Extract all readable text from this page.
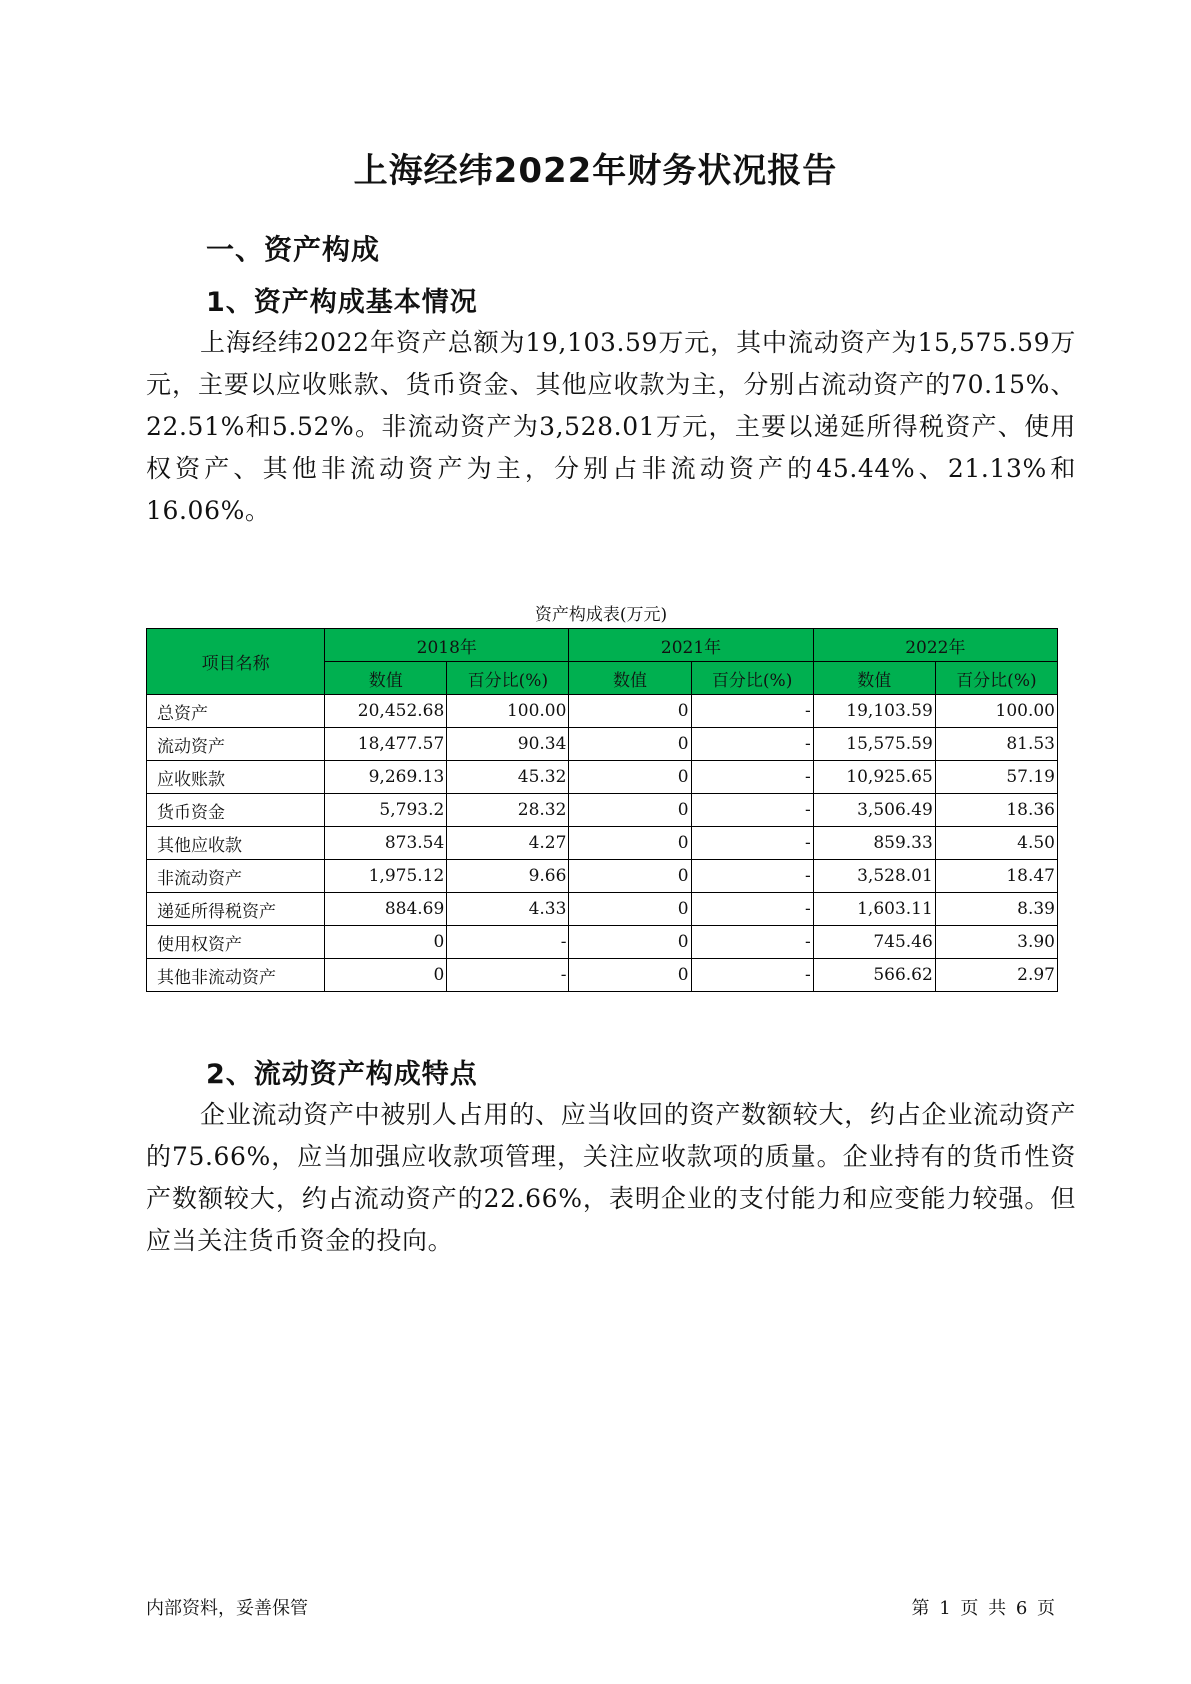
上海经纬2022年财务状况报告
一、资产构成
1、资产构成基本情况
上海经纬2022年资产总额为19,103.59万元，其中流动资产为15,575.59万元，主要以应收账款、货币资金、其他应收款为主，分别占流动资产的70.15%、22.51%和5.52%。非流动资产为3,528.01万元，主要以递延所得税资产、使用权资产、其他非流动资产为主，分别占非流动资产的45.44%、21.13%和16.06%。
资产构成表(万元)
项目名称	2018年		2021年		2022年	
	数值	百分比(%)	数值	百分比(%)	数值	百分比(%)
总资产	20,452.68	100.00	0	-	19,103.59	100.00
流动资产	18,477.57	90.34	0	-	15,575.59	81.53
应收账款	9,269.13	45.32	0	-	10,925.65	57.19
货币资金	5,793.2	28.32	0	-	3,506.49	18.36
其他应收款	873.54	4.27	0	-	859.33	4.50
非流动资产	1,975.12	9.66	0	-	3,528.01	18.47
递延所得税资产	884.69	4.33	0	-	1,603.11	8.39
使用权资产	0	-	0	-	745.46	3.90
其他非流动资产	0	-	0	-	566.62	2.97
2、流动资产构成特点
企业流动资产中被别人占用的、应当收回的资产数额较大，约占企业流动资产的75.66%，应当加强应收款项管理，关注应收款项的质量。企业持有的货币性资产数额较大，约占流动资产的22.66%，表明企业的支付能力和应变能力较强。但应当关注货币资金的投向。
内部资料，妥善保管	第 1 页 共 6 页
